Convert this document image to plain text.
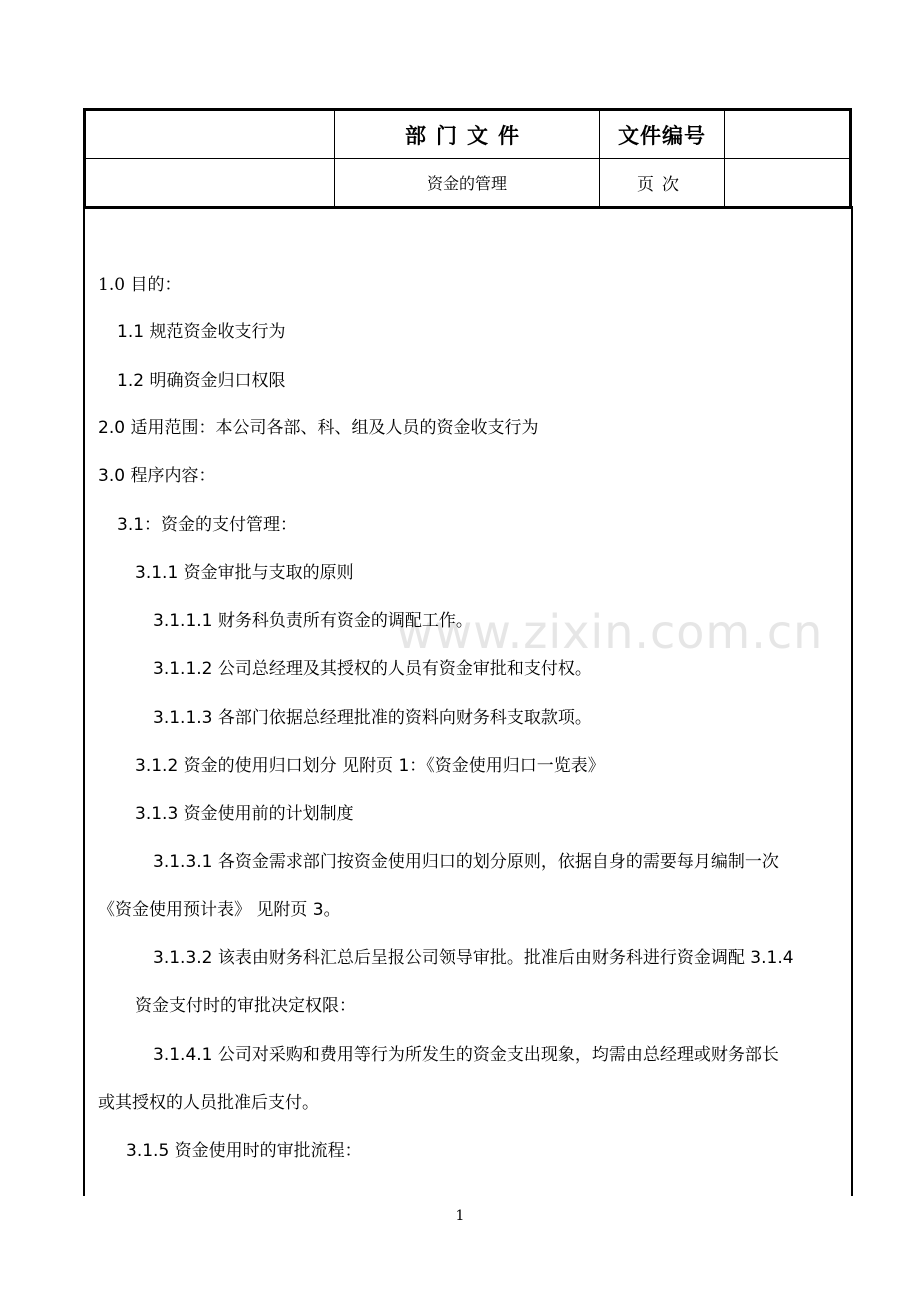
	部门文件	文件编号	
	资金的管理	页次	
www.zixin.com.cn
1.0 目的：
1.1 规范资金收支行为
1.2 明确资金归口权限
2.0 适用范围：本公司各部、科、组及人员的资金收支行为
3.0 程序内容：
3.1：资金的支付管理：
3.1.1 资金审批与支取的原则
3.1.1.1 财务科负责所有资金的调配工作。
3.1.1.2 公司总经理及其授权的人员有资金审批和支付权。
3.1.1.3 各部门依据总经理批准的资料向财务科支取款项。
3.1.2 资金的使用归口划分 见附页 1：《资金使用归口一览表》
3.1.3 资金使用前的计划制度
3.1.3.1 各资金需求部门按资金使用归口的划分原则，依据自身的需要每月编制一次
《资金使用预计表》 见附页 3。
3.1.3.2 该表由财务科汇总后呈报公司领导审批。批准后由财务科进行资金调配 3.1.4
资金支付时的审批决定权限：
3.1.4.1 公司对采购和费用等行为所发生的资金支出现象，均需由总经理或财务部长
或其授权的人员批准后支付。
3.1.5 资金使用时的审批流程：
1
